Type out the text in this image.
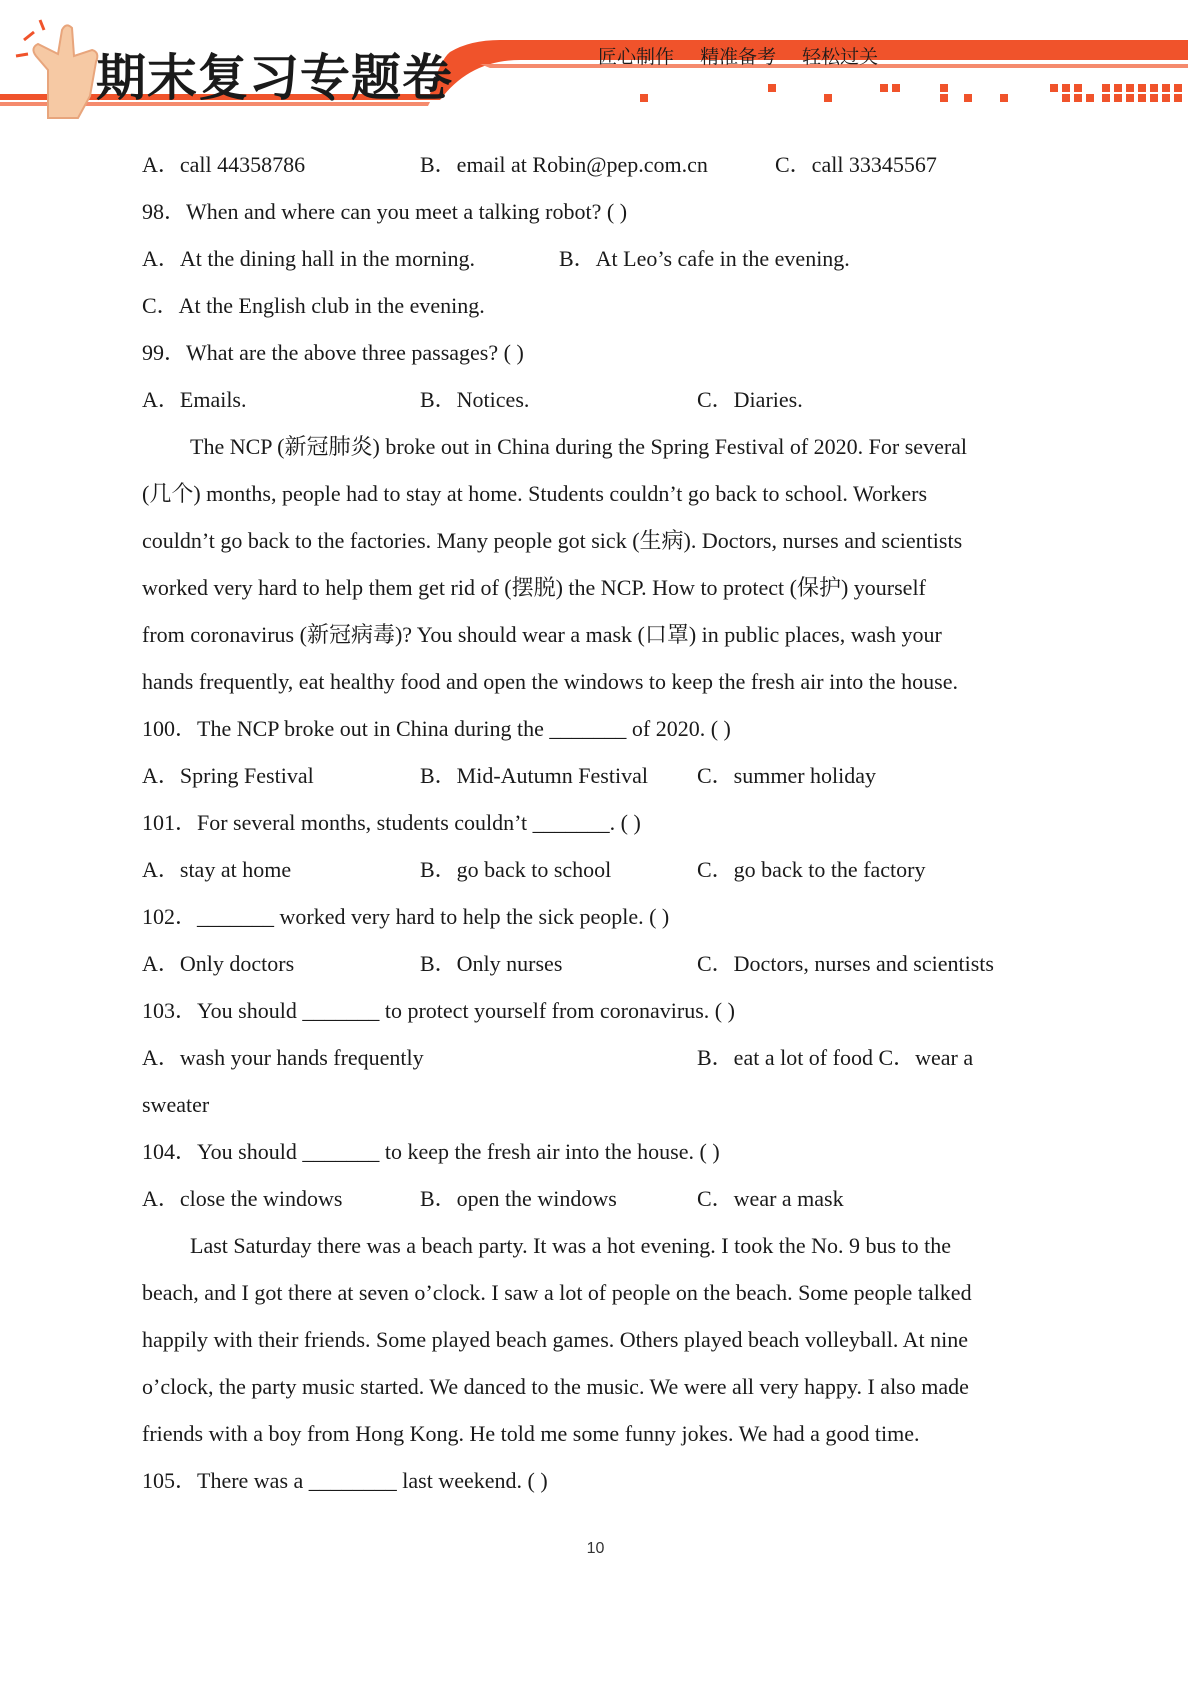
期末复习专题卷	匠心制作 精准备考 轻松过关
A．call 44358786	B．email at Robin@pep.com.cn	C．call 33345567
98．When and where can you meet a talking robot? ( )
A．At the dining hall in the morning.	B．At Leo’s cafe in the evening.
C．At the English club in the evening.
99．What are the above three passages? ( )
A．Emails.	B．Notices.	C．Diaries.
The NCP (新冠肺炎) broke out in China during the Spring Festival of 2020. For several
(几个) months, people had to stay at home. Students couldn’t go back to school. Workers
couldn’t go back to the factories. Many people got sick (生病). Doctors, nurses and scientists
worked very hard to help them get rid of (摆脱) the NCP. How to protect (保护) yourself
from coronavirus (新冠病毒)? You should wear a mask (口罩) in public places, wash your
hands frequently, eat healthy food and open the windows to keep the fresh air into the house.
100．The NCP broke out in China during the _______ of 2020. ( )
A．Spring Festival	B．Mid-Autumn Festival C．summer holiday
101．For several months, students couldn’t _______. ( )
A．stay at home	B．go back to school	C．go back to the factory
102．_______ worked very hard to help the sick people. ( )
A．Only doctors	B．Only nurses	C．Doctors, nurses and scientists
103．You should _______ to protect yourself from coronavirus. ( )
A．wash your hands frequently	B．eat a lot of food C．wear a
sweater
104．You should _______ to keep the fresh air into the house. ( )
A．close the windows	B．open the windows	C．wear a mask
Last Saturday there was a beach party. It was a hot evening. I took the No. 9 bus to the
beach, and I got there at seven o’clock. I saw a lot of people on the beach. Some people talked
happily with their friends. Some played beach games. Others played beach volleyball. At nine
o’clock, the party music started. We danced to the music. We were all very happy. I also made
friends with a boy from Hong Kong. He told me some funny jokes. We had a good time.
105．There was a ________ last weekend. ( )
10
